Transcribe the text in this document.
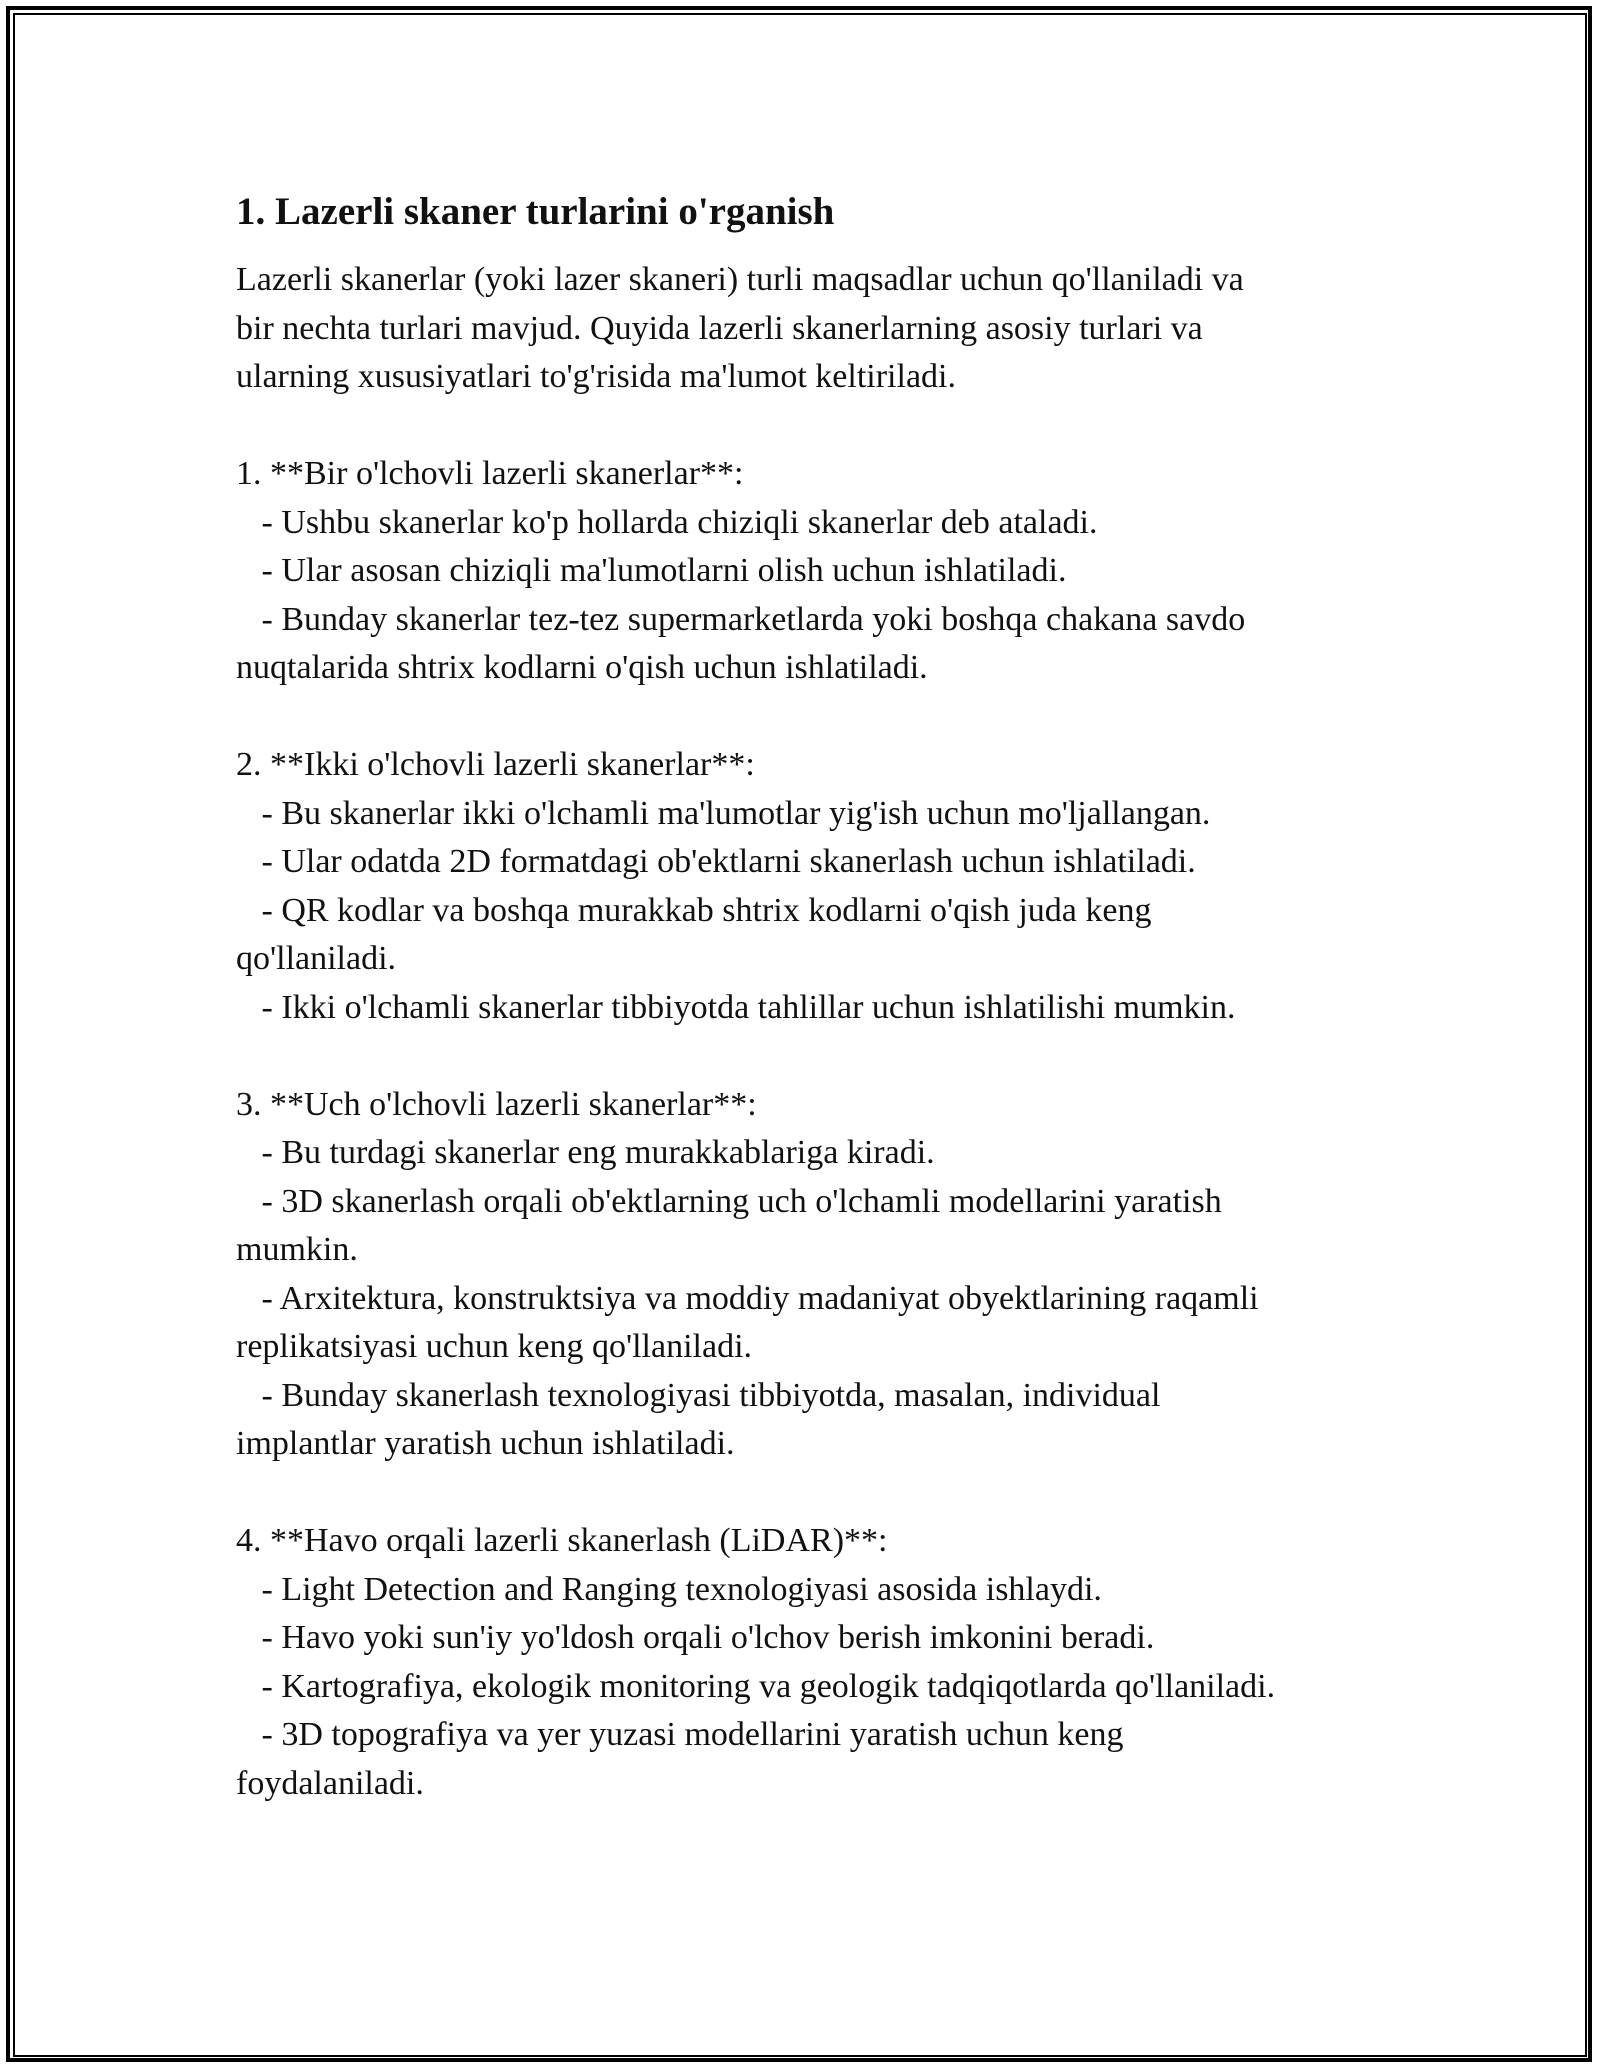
1. Lazerli skaner turlarini o'rganish

Lazerli skanerlar (yoki lazer skaneri) turli maqsadlar uchun qo'llaniladi va

bir nechta turlari mavjud. Quyida lazerli skanerlarning asosiy turlari va

ularning xususiyatlari to'g'risida ma'lumot keltiriladi.

1. **Bir o'lchovli lazerli skanerlar**:

- Ushbu skanerlar ko'p hollarda chiziqli skanerlar deb ataladi.

- Ular asosan chiziqli ma'lumotlarni olish uchun ishlatiladi.

- Bunday skanerlar tez-tez supermarketlarda yoki boshqa chakana savdo

nuqtalarida shtrix kodlarni o'qish uchun ishlatiladi.

2. **Ikki o'lchovli lazerli skanerlar**:

- Bu skanerlar ikki o'lchamli ma'lumotlar yig'ish uchun mo'ljallangan.

- Ular odatda 2D formatdagi ob'ektlarni skanerlash uchun ishlatiladi.

- QR kodlar va boshqa murakkab shtrix kodlarni o'qish juda keng

qo'llaniladi.

- Ikki o'lchamli skanerlar tibbiyotda tahlillar uchun ishlatilishi mumkin.

3. **Uch o'lchovli lazerli skanerlar**:

- Bu turdagi skanerlar eng murakkablariga kiradi.

- 3D skanerlash orqali ob'ektlarning uch o'lchamli modellarini yaratish

mumkin.

- Arxitektura, konstruktsiya va moddiy madaniyat obyektlarining raqamli

replikatsiyasi uchun keng qo'llaniladi.

- Bunday skanerlash texnologiyasi tibbiyotda, masalan, individual

implantlar yaratish uchun ishlatiladi.

4. **Havo orqali lazerli skanerlash (LiDAR)**:

- Light Detection and Ranging texnologiyasi asosida ishlaydi.

- Havo yoki sun'iy yo'ldosh orqali o'lchov berish imkonini beradi.

- Kartografiya, ekologik monitoring va geologik tadqiqotlarda qo'llaniladi.

- 3D topografiya va yer yuzasi modellarini yaratish uchun keng

foydalaniladi.
